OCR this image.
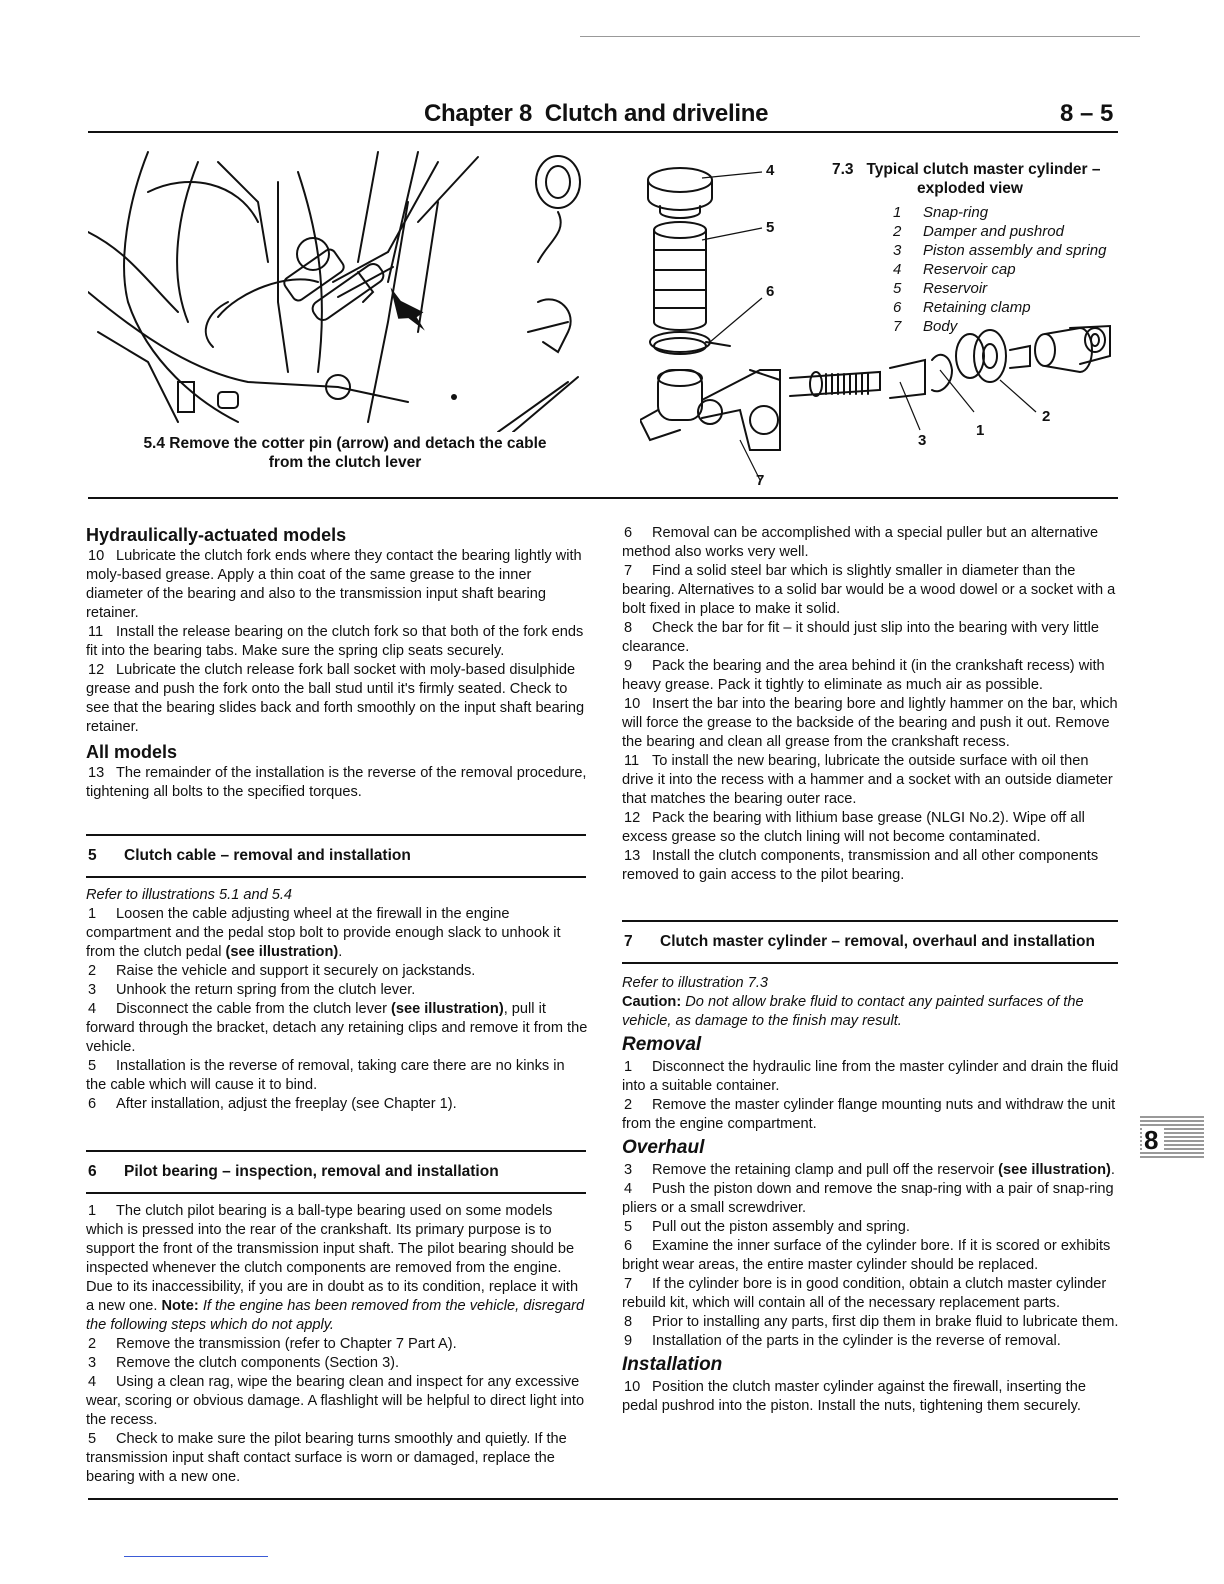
Chapter 8 Clutch and driveline	8 – 5
5.4 Remove the cotter pin (arrow) and detach the cable
from the clutch lever
4
5
6
7
3
1
2
7.3 Typical clutch master cylinder –
exploded view
1 Snap-ring
2 Damper and pushrod
3 Piston assembly and spring
4 Reservoir cap
5 Reservoir
6 Retaining clamp
7 Body
Hydraulically-actuated models

10 Lubricate the clutch fork ends where they contact the bearing lightly with moly-based grease. Apply a thin coat of the same grease to the inner diameter of the bearing and also to the transmission input shaft bearing retainer.

11 Install the release bearing on the clutch fork so that both of the fork ends fit into the bearing tabs. Make sure the spring clip seats securely.

12 Lubricate the clutch release fork ball socket with moly-based disulphide grease and push the fork onto the ball stud until it's firmly seated. Check to see that the bearing slides back and forth smoothly on the input shaft bearing retainer.

All models

13 The remainder of the installation is the reverse of the removal procedure, tightening all bolts to the specified torques.

5 Clutch cable – removal and installation

Refer to illustrations 5.1 and 5.4

1 Loosen the cable adjusting wheel at the firewall in the engine compartment and the pedal stop bolt to provide enough slack to unhook it from the clutch pedal (see illustration).

2 Raise the vehicle and support it securely on jackstands.

3 Unhook the return spring from the clutch lever.

4 Disconnect the cable from the clutch lever (see illustration), pull it forward through the bracket, detach any retaining clips and remove it from the vehicle.

5 Installation is the reverse of removal, taking care there are no kinks in the cable which will cause it to bind.

6 After installation, adjust the freeplay (see Chapter 1).

6 Pilot bearing – inspection, removal and installation

1 The clutch pilot bearing is a ball-type bearing used on some models which is pressed into the rear of the crankshaft. Its primary purpose is to support the front of the transmission input shaft. The pilot bearing should be inspected whenever the clutch components are removed from the engine. Due to its inaccessibility, if you are in doubt as to its condition, replace it with a new one. Note: If the engine has been removed from the vehicle, disregard the following steps which do not apply.

2 Remove the transmission (refer to Chapter 7 Part A).

3 Remove the clutch components (Section 3).

4 Using a clean rag, wipe the bearing clean and inspect for any excessive wear, scoring or obvious damage. A flashlight will be helpful to direct light into the recess.

5 Check to make sure the pilot bearing turns smoothly and quietly. If the transmission input shaft contact surface is worn or damaged, replace the bearing with a new one.

6 Removal can be accomplished with a special puller but an alternative method also works very well.

7 Find a solid steel bar which is slightly smaller in diameter than the bearing. Alternatives to a solid bar would be a wood dowel or a socket with a bolt fixed in place to make it solid.

8 Check the bar for fit – it should just slip into the bearing with very little clearance.

9 Pack the bearing and the area behind it (in the crankshaft recess) with heavy grease. Pack it tightly to eliminate as much air as possible.

10 Insert the bar into the bearing bore and lightly hammer on the bar, which will force the grease to the backside of the bearing and push it out. Remove the bearing and clean all grease from the crankshaft recess.

11 To install the new bearing, lubricate the outside surface with oil then drive it into the recess with a hammer and a socket with an outside diameter that matches the bearing outer race.

12 Pack the bearing with lithium base grease (NLGI No.2). Wipe off all excess grease so the clutch lining will not become contaminated.

13 Install the clutch components, transmission and all other components removed to gain access to the pilot bearing.

7 Clutch master cylinder – removal, overhaul and installation

Refer to illustration 7.3

Caution: Do not allow brake fluid to contact any painted surfaces of the vehicle, as damage to the finish may result.

Removal

1 Disconnect the hydraulic line from the master cylinder and drain the fluid into a suitable container.

2 Remove the master cylinder flange mounting nuts and withdraw the unit from the engine compartment.

Overhaul

3 Remove the retaining clamp and pull off the reservoir (see illustration).

4 Push the piston down and remove the snap-ring with a pair of snap-ring pliers or a small screwdriver.

5 Pull out the piston assembly and spring.

6 Examine the inner surface of the cylinder bore. If it is scored or exhibits bright wear areas, the entire master cylinder should be replaced.

7 If the cylinder bore is in good condition, obtain a clutch master cylinder rebuild kit, which will contain all of the necessary replacement parts.

8 Prior to installing any parts, first dip them in brake fluid to lubricate them.

9 Installation of the parts in the cylinder is the reverse of removal.

Installation

10 Position the clutch master cylinder against the firewall, inserting the pedal pushrod into the piston. Install the nuts, tightening them securely.

8
